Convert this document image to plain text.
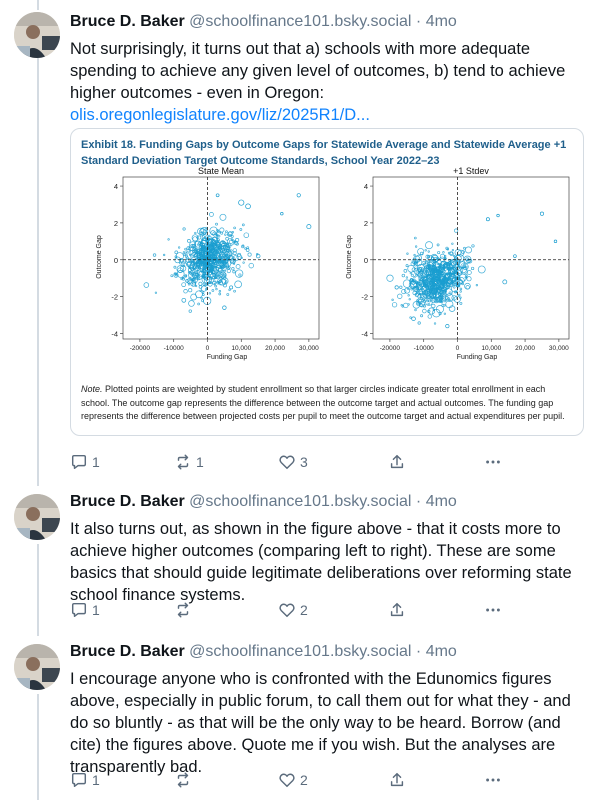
Bruce D. Baker @schoolfinance101.bsky.social · 4mo
Not surprisingly, it turns out that a) schools with more adequate spending to achieve any given level of outcomes, b) tend to achieve higher outcomes - even in Oregon: olis.oregonlegislature.gov/liz/2025R1/D...
Exhibit 18. Funding Gaps by Outcome Gaps for Statewide Average and Statewide Average +1 Standard Deviation Target Outcome Standards, School Year 2022–23
State Mean
-4
-2
0
2
4
-20000 -10000	0	10,000 20,000 30,000
Funding Gap
Outcome Gap
+1 Stdev
-4
-2
0
2
4
-20000 -10000	0	10,000 20,000 30,000
Funding Gap
Outcome Gap
Note. Plotted points are weighted by student enrollment so that larger circles indicate greater total enrollment in each school. The outcome gap represents the difference between the outcome target and actual outcomes. The funding gap represents the difference between projected costs per pupil to meet the outcome target and actual expenditures per pupil.
1	1	3
Bruce D. Baker @schoolfinance101.bsky.social · 4mo
It also turns out, as shown in the figure above - that it costs more to achieve higher outcomes (comparing left to right). These are some basics that should guide legitimate deliberations over reforming state school finance systems.
1	2
Bruce D. Baker @schoolfinance101.bsky.social · 4mo
I encourage anyone who is confronted with the Edunomics figures above, especially in public forum, to call them out for what they - and do so bluntly - as that will be the only way to be heard. Borrow (and cite) the figures above. Quote me if you wish. But the analyses are transparently bad.
1	2
